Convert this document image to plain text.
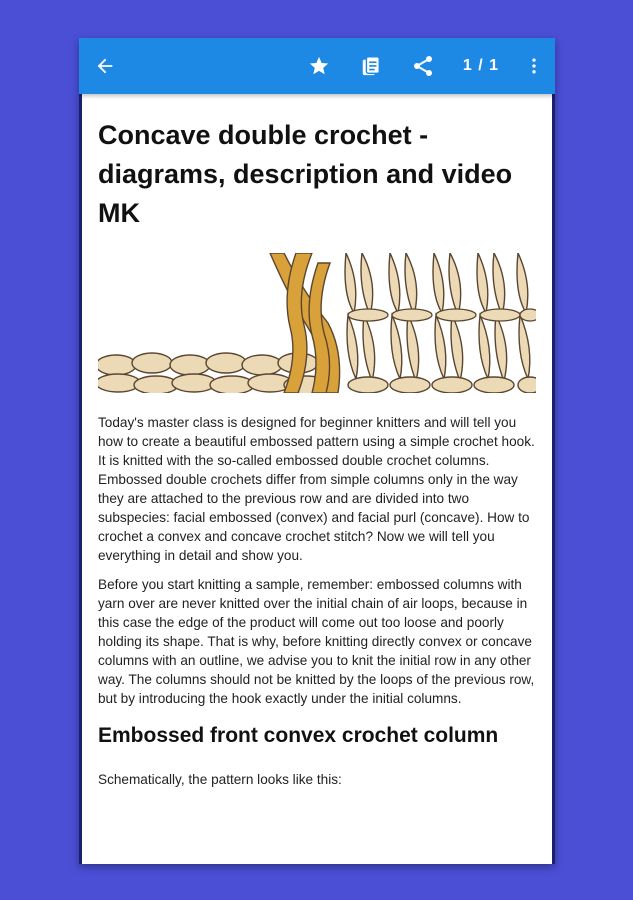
1 / 1
Concave double crochet - diagrams, description and video MK

Today's master class is designed for beginner knitters and will tell you how to create a beautiful embossed pattern using a simple crochet hook. It is knitted with the so-called embossed double crochet columns. Embossed double crochets differ from simple columns only in the way they are attached to the previous row and are divided into two subspecies: facial embossed (convex) and facial purl (concave). How to crochet a convex and concave crochet stitch? Now we will tell you everything in detail and show you.

Before you start knitting a sample, remember: embossed columns with yarn over are never knitted over the initial chain of air loops, because in this case the edge of the product will come out too loose and poorly holding its shape. That is why, before knitting directly convex or concave columns with an outline, we advise you to knit the initial row in any other way. The columns should not be knitted by the loops of the previous row, but by introducing the hook exactly under the initial columns.

Embossed front convex crochet column

Schematically, the pattern looks like this:
